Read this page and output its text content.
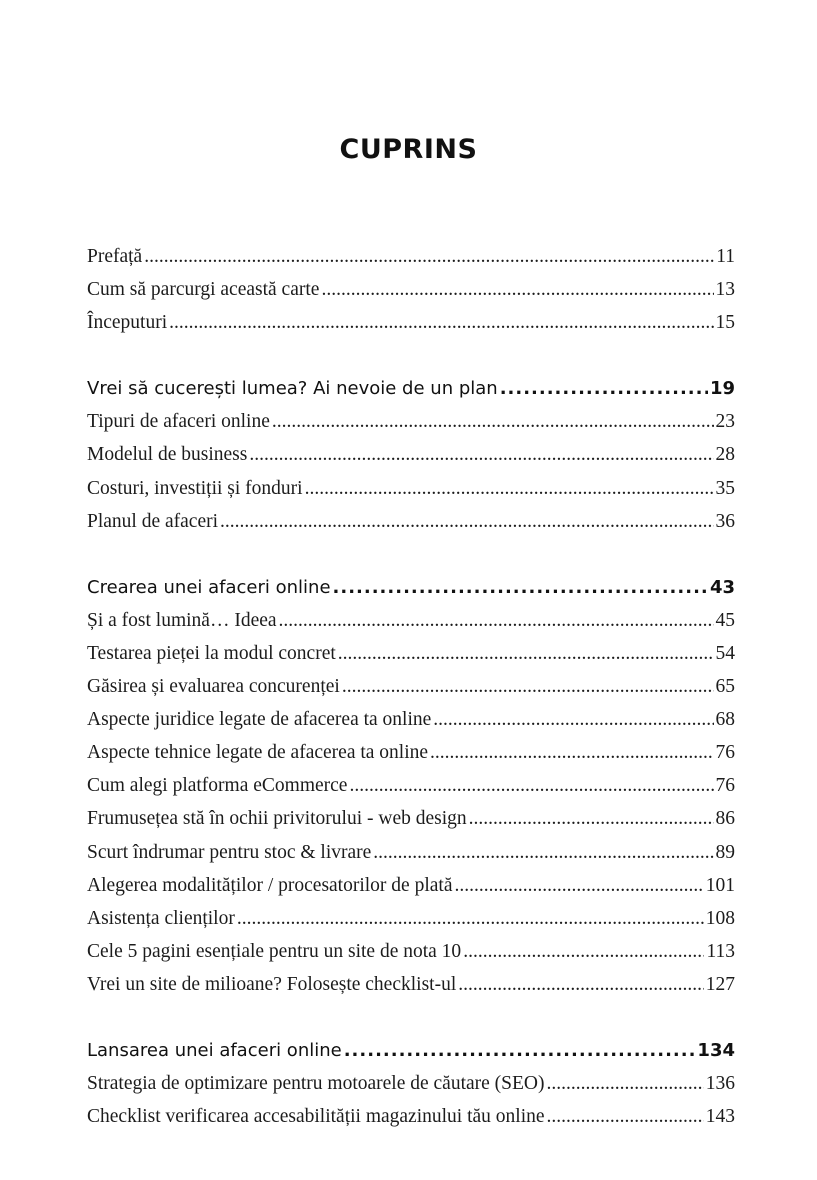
CUPRINS
Prefață .....	11
Cum să parcurgi această carte .....	13
Începuturi .....	15
Vrei să cucerești lumea? Ai nevoie de un plan .....	19
Tipuri de afaceri online .....	23
Modelul de business .....	28
Costuri, investiții și fonduri .....	35
Planul de afaceri .....	36
Crearea unei afaceri online .....	43
Și a fost lumină… Ideea .....	45
Testarea pieței la modul concret .....	54
Găsirea și evaluarea concurenței .....	65
Aspecte juridice legate de afacerea ta online .....	68
Aspecte tehnice legate de afacerea ta online .....	76
Cum alegi platforma eCommerce .....	76
Frumusețea stă în ochii privitorului - web design .....	86
Scurt îndrumar pentru stoc & livrare .....	89
Alegerea modalităților / procesatorilor de plată .....	101
Asistența clienților .....	108
Cele 5 pagini esențiale pentru un site de nota 10 .....	113
Vrei un site de milioane? Folosește checklist-ul .....	127
Lansarea unei afaceri online .....	134
Strategia de optimizare pentru motoarele de căutare (SEO) .....	136
Checklist verificarea accesabilității magazinului tău online .....	143
